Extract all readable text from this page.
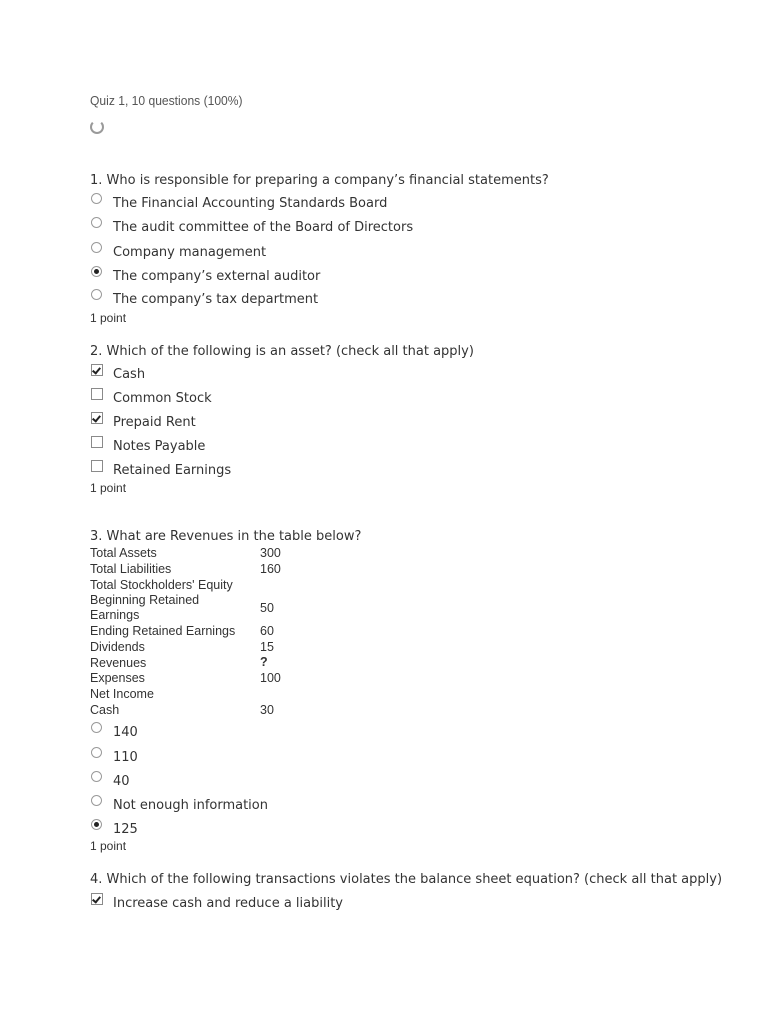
Quiz 1, 10 questions (100%)
1. Who is responsible for preparing a company’s financial statements?
The Financial Accounting Standards Board
The audit committee of the Board of Directors
Company management
The company’s external auditor
The company’s tax department
1 point
2. Which of the following is an asset? (check all that apply)
Cash
Common Stock
Prepaid Rent
Notes Payable
Retained Earnings
1 point
3. What are Revenues in the table below?
Total Assets	300
Total Liabilities	160
Total Stockholders' Equity
Beginning Retained Earnings	50
Ending Retained Earnings	60
Dividends	15
Revenues	?
Expenses	100
Net Income
Cash	30
140
110
40
Not enough information
125
1 point
4. Which of the following transactions violates the balance sheet equation? (check all that apply)
Increase cash and reduce a liability
